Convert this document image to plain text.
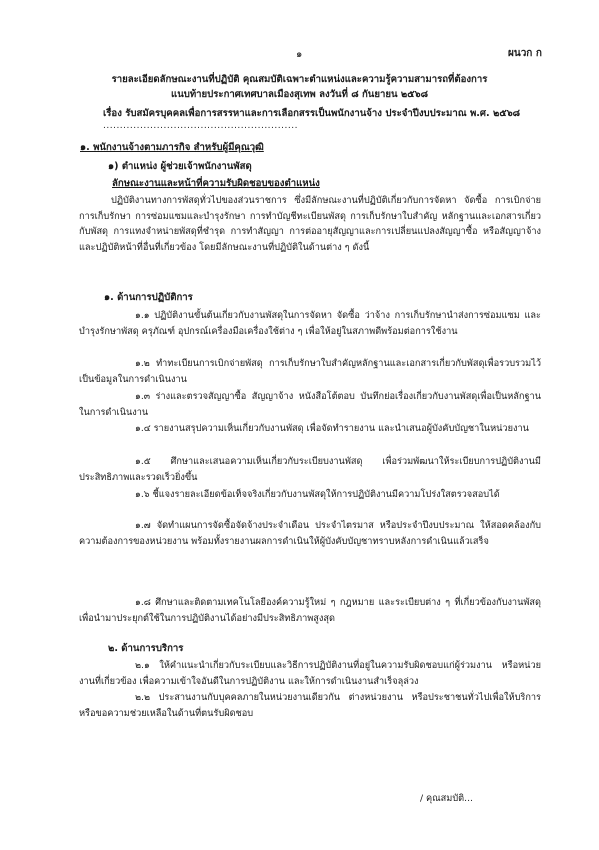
๑	ผนวก ก

รายละเอียดลักษณะงานที่ปฏิบัติ คุณสมบัติเฉพาะตำแหน่งและความรู้ความสามารถที่ต้องการ

แนบท้ายประกาศเทศบาลเมืองสุเทพ ลงวันที่ ๘ กันยายน ๒๕๖๘

เรื่อง รับสมัครบุคคลเพื่อการสรรหาและการเลือกสรรเป็นพนักงานจ้าง ประจำปีงบประมาณ พ.ศ. ๒๕๖๘

..........................................................

๑. พนักงานจ้างตามภารกิจ สำหรับผู้มีคุณวุฒิ

๑) ตำแหน่ง ผู้ช่วยเจ้าพนักงานพัสดุ

ลักษณะงานและหน้าที่ความรับผิดชอบของตำแหน่ง

ปฏิบัติงานทางการพัสดุทั่วไปของส่วนราชการ ซึ่งมีลักษณะงานที่ปฏิบัติเกี่ยวกับการจัดหา จัดซื้อ การเบิกจ่าย การเก็บรักษา การซ่อมแซมและบำรุงรักษา การทำบัญชีทะเบียนพัสดุ การเก็บรักษาใบสำคัญ หลักฐานและเอกสารเกี่ยวกับพัสดุ การแทงจำหน่ายพัสดุที่ชำรุด การทำสัญญา การต่ออายุสัญญาและการเปลี่ยนแปลงสัญญาซื้อ หรือสัญญาจ้าง และปฏิบัติหน้าที่อื่นที่เกี่ยวข้อง โดยมีลักษณะงานที่ปฏิบัติในด้านต่าง ๆ ดังนี้

๑. ด้านการปฏิบัติการ

๑.๑ ปฏิบัติงานขั้นต้นเกี่ยวกับงานพัสดุในการจัดหา จัดซื้อ ว่าจ้าง การเก็บรักษานำส่งการซ่อมแซม และบำรุงรักษาพัสดุ ครุภัณฑ์ อุปกรณ์เครื่องมือเครื่องใช้ต่าง ๆ เพื่อให้อยู่ในสภาพดีพร้อมต่อการใช้งาน

๑.๒ ทำทะเบียนการเบิกจ่ายพัสดุ การเก็บรักษาใบสำคัญหลักฐานและเอกสารเกี่ยวกับพัสดุเพื่อรวบรวมไว้เป็นข้อมูลในการดำเนินงาน

๑.๓ ร่างและตรวจสัญญาซื้อ สัญญาจ้าง หนังสือโต้ตอบ บันทึกย่อเรื่องเกี่ยวกับงานพัสดุเพื่อเป็นหลักฐานในการดำเนินงาน

๑.๔ รายงานสรุปความเห็นเกี่ยวกับงานพัสดุ เพื่อจัดทำรายงาน และนำเสนอผู้บังคับบัญชาในหน่วยงาน

๑.๕ ศึกษาและเสนอความเห็นเกี่ยวกับระเบียบงานพัสดุ เพื่อร่วมพัฒนาให้ระเบียบการปฏิบัติงานมีประสิทธิภาพและรวดเร็วยิ่งขึ้น

๑.๖ ชี้แจงรายละเอียดข้อเท็จจริงเกี่ยวกับงานพัสดุให้การปฏิบัติงานมีความโปร่งใสตรวจสอบได้

๑.๗ จัดทำแผนการจัดซื้อจัดจ้างประจำเดือน ประจำไตรมาส หรือประจำปีงบประมาณ ให้สอดคล้องกับความต้องการของหน่วยงาน พร้อมทั้งรายงานผลการดำเนินให้ผู้บังคับบัญชาทราบหลังการดำเนินแล้วเสร็จ

๑.๘ ศึกษาและติดตามเทคโนโลยีองค์ความรู้ใหม่ ๆ กฎหมาย และระเบียบต่าง ๆ ที่เกี่ยวข้องกับงานพัสดุ เพื่อนำมาประยุกต์ใช้ในการปฏิบัติงานได้อย่างมีประสิทธิภาพสูงสุด

๒. ด้านการบริการ

๒.๑ ให้คำแนะนำเกี่ยวกับระเบียบและวิธีการปฏิบัติงานที่อยู่ในความรับผิดชอบแก่ผู้ร่วมงาน หรือหน่วยงานที่เกี่ยวข้อง เพื่อความเข้าใจอันดีในการปฏิบัติงาน และให้การดำเนินงานสำเร็จลุล่วง

๒.๒ ประสานงานกับบุคคลภายในหน่วยงานเดียวกัน ต่างหน่วยงาน หรือประชาชนทั่วไปเพื่อให้บริการ หรือขอความช่วยเหลือในด้านที่ตนรับผิดชอบ

/ คุณสมบัติ...
